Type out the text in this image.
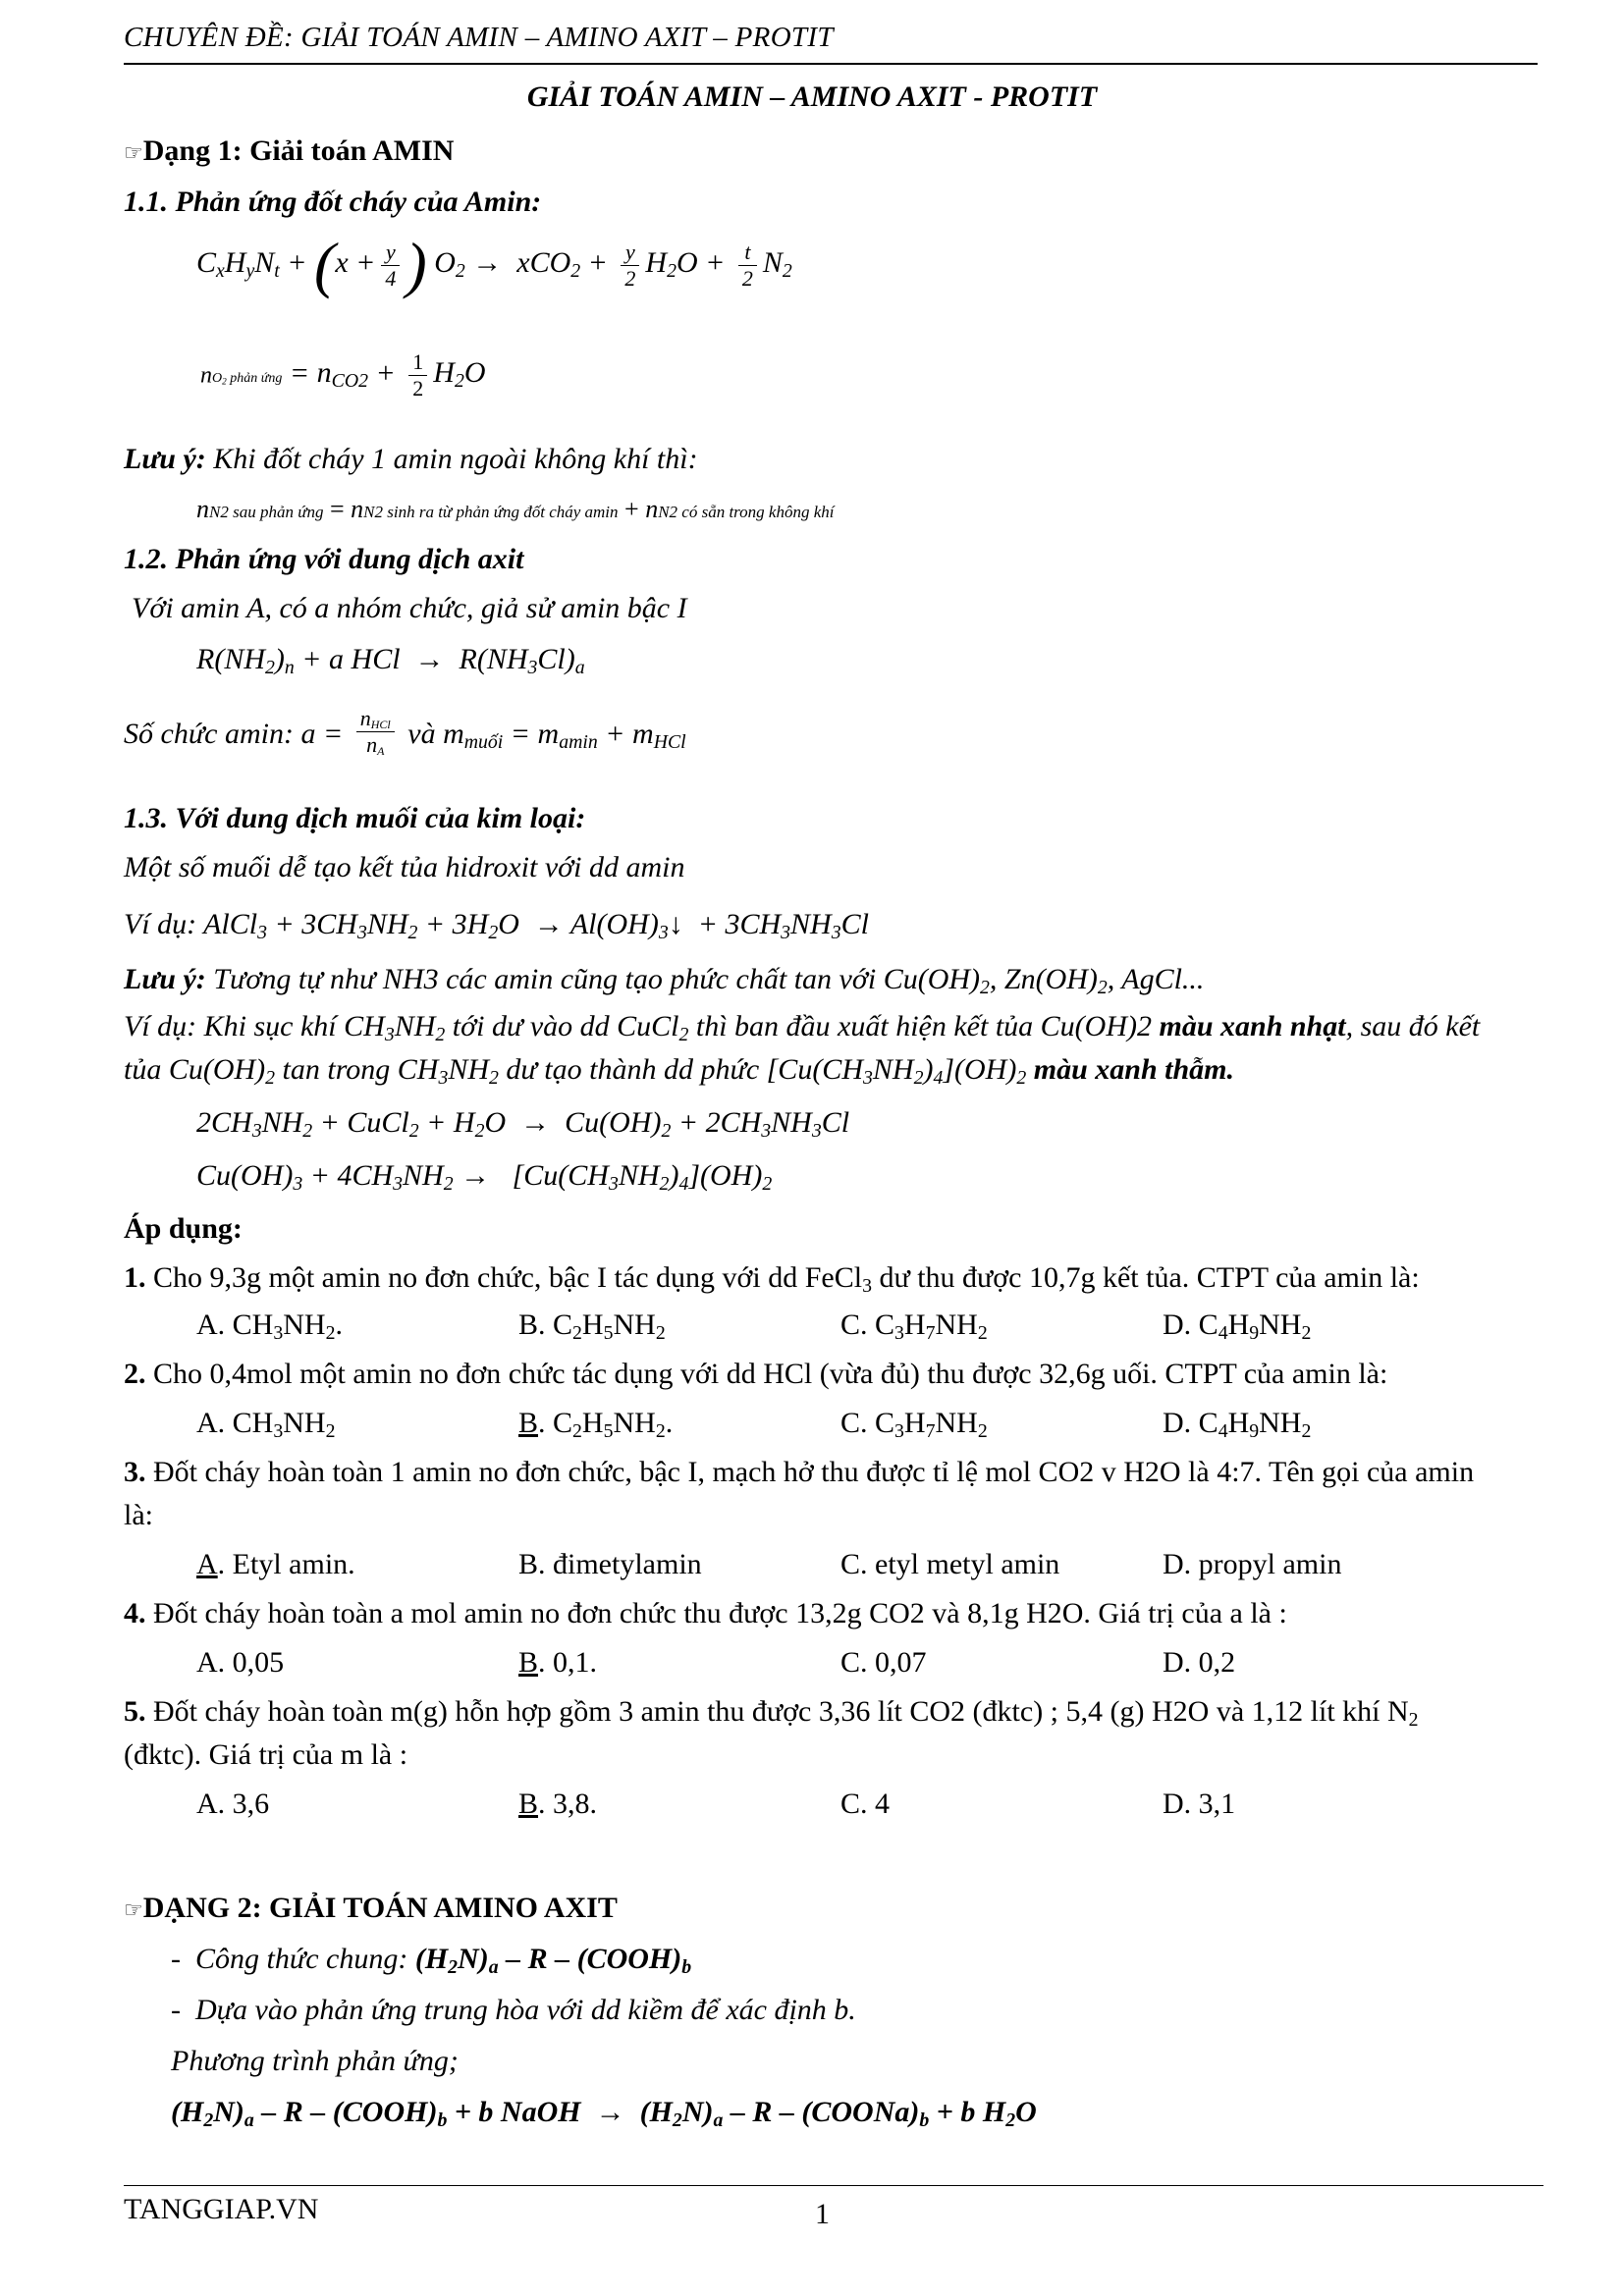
CHUYÊN ĐỀ: GIẢI TOÁN AMIN – AMINO AXIT – PROTIT
GIẢI TOÁN AMIN – AMINO AXIT - PROTIT
☞Dạng 1: Giải toán AMIN
1.1. Phản ứng đốt cháy của Amin:
$C_xH_yN_t + (x + \frac{y}{4}$ ) $O_2 \to xCO_2 + \frac{y}{2} H_2O + \frac{t}{2} N_2$
$nO_2$ phản ứng = $n_{CO2} + \frac{1}{2} H_2O$
Lưu ý: Khi đốt cháy 1 amin ngoài không khí thì:
nN2 sau phản ứng = nN2 sinh ra từ phản ứng đốt cháy amin + nN2 có sẵn trong không khí
1.2. Phản ứng với dung dịch axit
Với amin A, có a nhóm chức, giả sử amin bậc I
$R(NH_2)_n + a$ HCl  →  $R(NH_3Cl)_a$
Số chức amin: $a = \frac{n_{HCl}}{n_A}$ và $m_{muối} = m_{amin} + m_{HCl}$
1.3. Với dung dịch muối của kim loại:
Một số muối dễ tạo kết tủa hidroxit với dd amin
Ví dụ: AlCl$_3$ + $3CH_3NH_2 + 3H_2O$  → $Al(OH)_3↓ + 3CH_3NH_3Cl$
Lưu ý: Tương tự như NH3 các amin cũng tạo phức chất tan với $Cu(OH)_2$, $Zn(OH)_2$, AgCl...
Ví dụ: Khi sục khí $CH_3NH_2$ tới dư vào dd CuCl$_2$ thì ban đầu xuất hiện kết tủa Cu(OH)2 màu xanh nhạt, sau đó kết
tủa $Cu(OH)_2$ tan trong $CH_3NH_2$ dư tạo thành dd phức $[Cu(CH_3NH_2)_4](OH)_2$ màu xanh thẫm.
$2CH_3NH_2$ + CuCl$_2$ + $H_2O \to Cu(OH)_2 + 2CH_3NH_3Cl$
$Cu(OH)_3 + 4CH_3NH_2 \to [Cu(CH_3NH_2)_4](OH)_2$
Áp dụng:
1. Cho 9,3g một amin no đơn chức, bậc I tác dụng với dd FeCl$_3$ dư thu được 10,7g kết tủa. CTPT của amin là:
A. $CH_3NH_2$.	B. $C_2H_5NH_2$	C. $C_3H_7NH_2$	D. $C_4H_9NH_2$
2. Cho 0,4mol một amin no đơn chức tác dụng với dd HCl (vừa đủ) thu được 32,6g uối. CTPT của amin là:
A. $CH_3NH_2$	B. $C_2H_5NH_2$.	C. $C_3H_7NH_2$	D. $C_4H_9NH_2$
3. Đốt cháy hoàn toàn 1 amin no đơn chức, bậc I, mạch hở thu được tỉ lệ mol CO2 v H2O là 4:7. Tên gọi của amin
là:
A. Etyl amin.	B. đimetylamin	C. etyl metyl amin	D. propyl amin
4. Đốt cháy hoàn toàn a mol amin no đơn chức thu được 13,2g CO2 và 8,1g H2O. Giá trị của a là :
A. 0,05	B. 0,1.	C. 0,07	D. 0,2
5. Đốt cháy hoàn toàn m(g) hỗn hợp gồm 3 amin thu được 3,36 lít CO2 (đktc) ; 5,4 (g) H2O và 1,12 lít khí $N_2$
(đktc). Giá trị của m là :
A. 3,6	B. 3,8.	C. 4	D. 3,1
☞DẠNG 2: GIẢI TOÁN AMINO AXIT
-  Công thức chung: $(H_2N)_a$ – R – $(COOH)_b$
-  Dựa vào phản ứng trung hòa với dd kiềm để xác định b.
Phương trình phản ứng;
$(H_2N)_a$ – $R - (COOH)_b + b$ NaOH  →  $(H_2N)_a$ – $R - (COONa)_b + b$ $H_2O$
TANGGIAP.VN	1
